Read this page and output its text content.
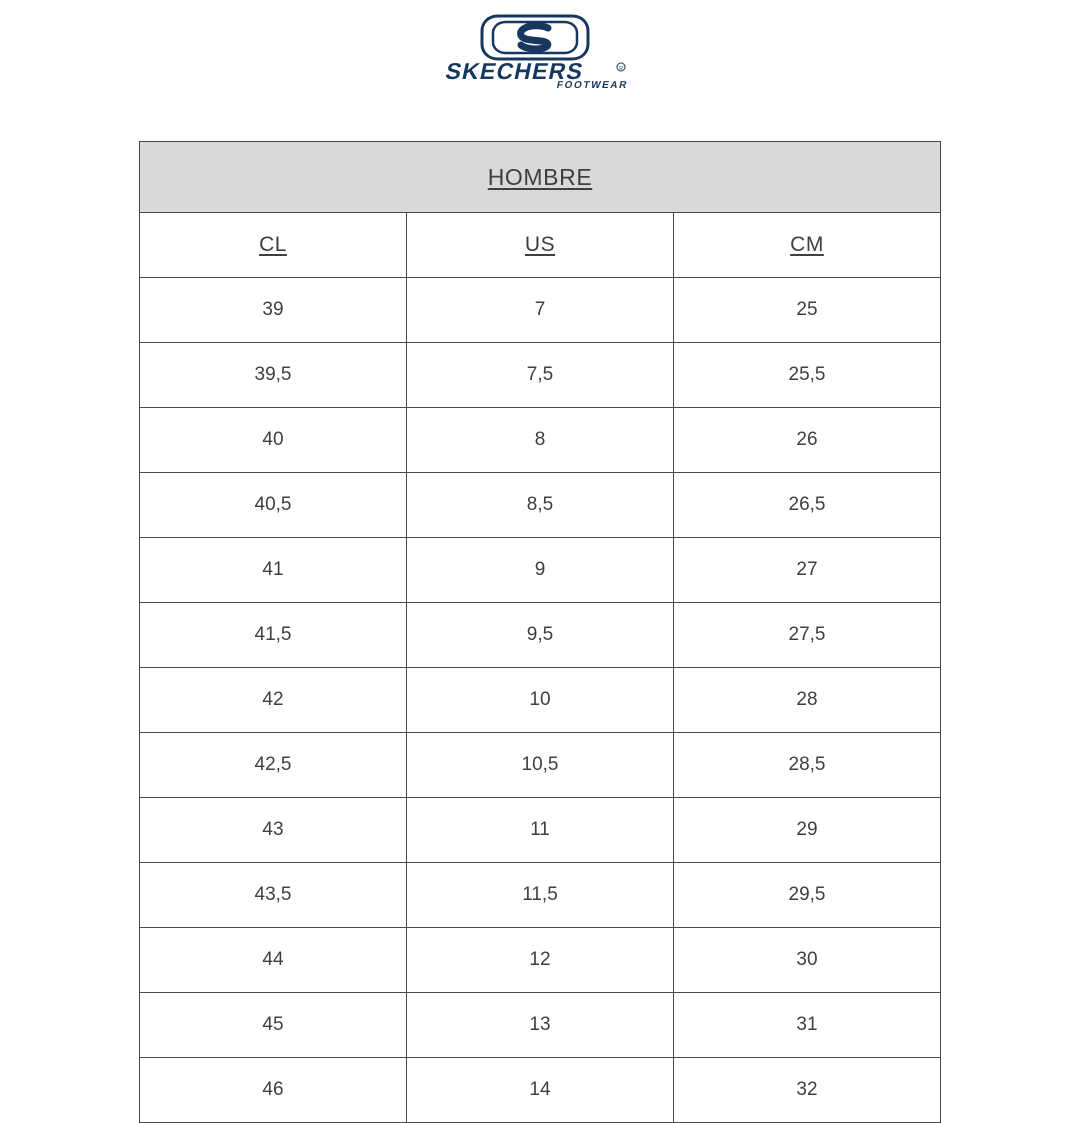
SKECHERS	R
FOOTWEAR
HOMBRE		
CL	US	CM
39	7	25
39,5	7,5	25,5
40	8	26
40,5	8,5	26,5
41	9	27
41,5	9,5	27,5
42	10	28
42,5	10,5	28,5
43	11	29
43,5	11,5	29,5
44	12	30
45	13	31
46	14	32
